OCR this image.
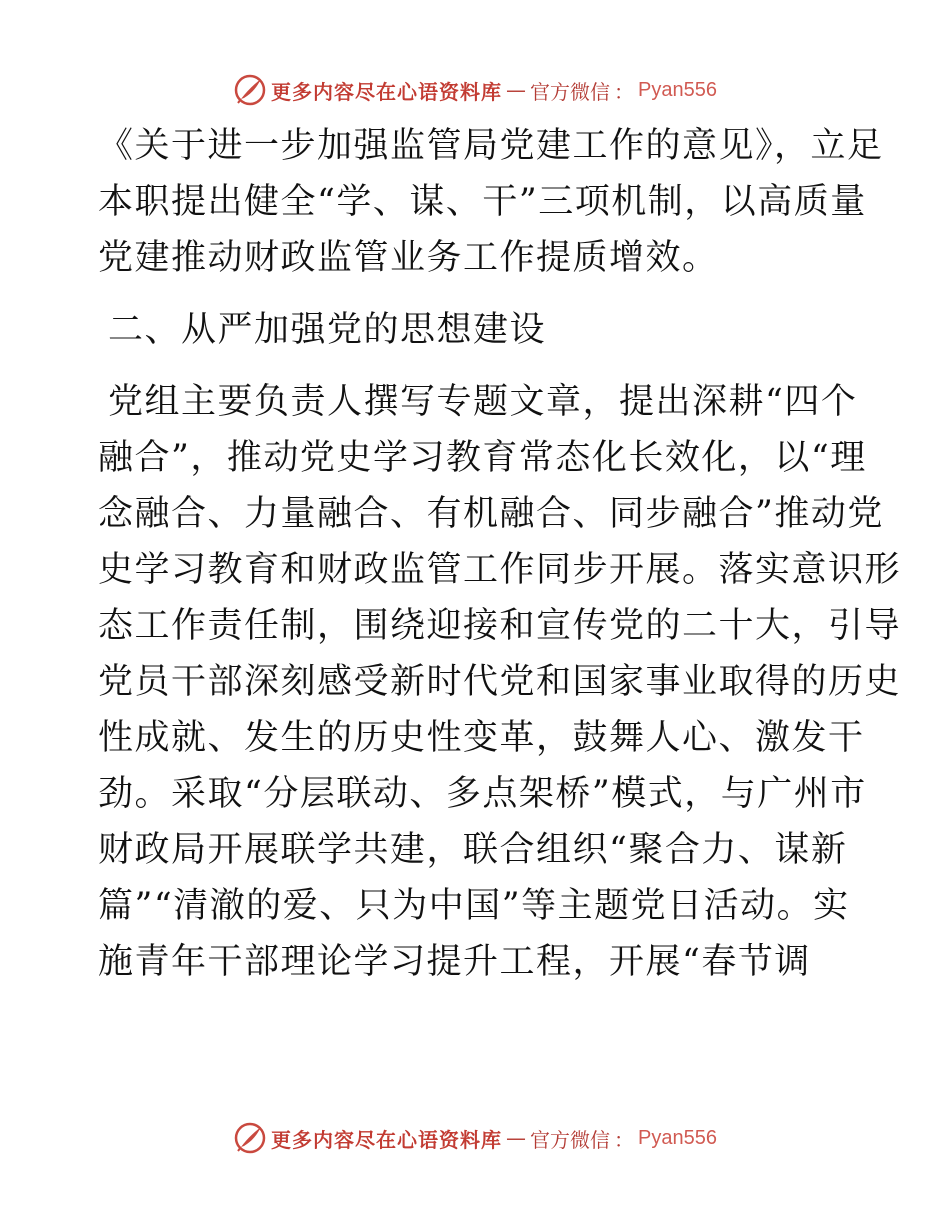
更多内容尽在心语资料库 — 官方微信 ： Pyan556
《关于进一步加强监管局党建工作的意见》，立足
本职提出健全“学、谋、干”三项机制，以高质量
党建推动财政监管业务工作提质增效。
二、从严加强党的思想建设
党组主要负责人撰写专题文章，提出深耕“四个
融合”，推动党史学习教育常态化长效化，以“理
念融合、力量融合、有机融合、同步融合”推动党
史学习教育和财政监管工作同步开展。落实意识形
态工作责任制，围绕迎接和宣传党的二十大，引导
党员干部深刻感受新时代党和国家事业取得的历史
性成就、发生的历史性变革，鼓舞人心、激发干
劲。采取“分层联动、多点架桥”模式，与广州市
财政局开展联学共建，联合组织“聚合力、谋新
篇”“清澈的爱、只为中国”等主题党日活动。实
施青年干部理论学习提升工程，开展“春节调
更多内容尽在心语资料库 — 官方微信 ： Pyan556
